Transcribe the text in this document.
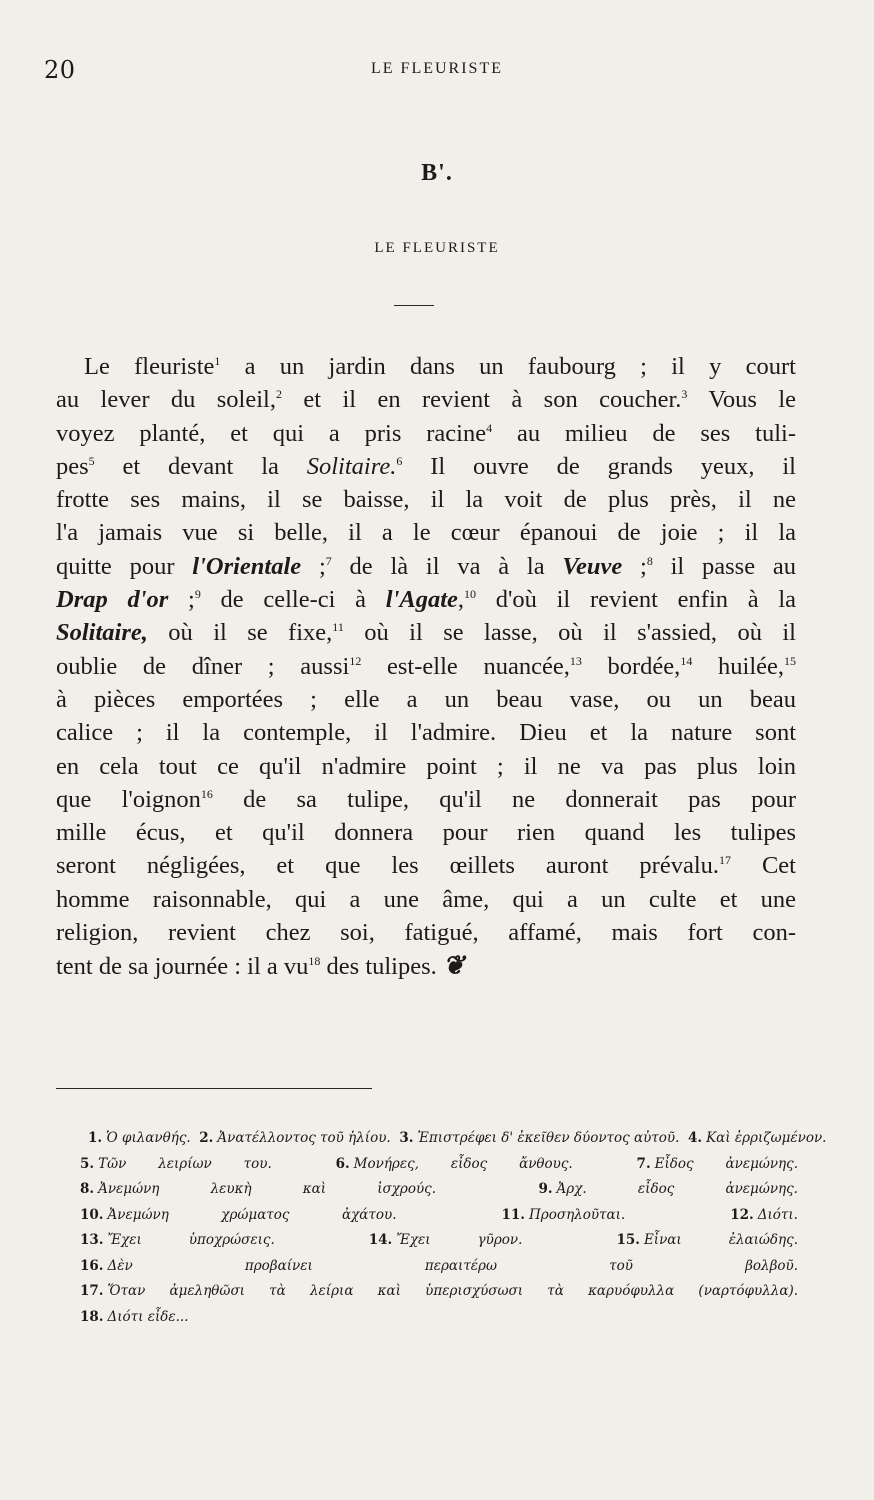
20	LE FLEURISTE
B'.
LE FLEURISTE
Le fleuriste$^1$ a un jardin dans un faubourg ; il y court
au lever du soleil,$^2$ et il en revient à son coucher.$^3$ Vous le
voyez planté, et qui a pris racine$^4$ au milieu de ses tuli-
pes$^5$ et devant la Solitaire.$^6$ Il ouvre de grands yeux, il
frotte ses mains, il se baisse, il la voit de plus près, il ne
l'a jamais vue si belle, il a le cœur épanoui de joie ; il la
quitte pour l'Orientale ;$^7$ de là il va à la Veuve ;$^8$ il passe au
Drap d'or ;$^9$ de celle-ci à l'Agate,$^{10}$ d'où il revient enfin à la
Solitaire, où il se fixe,$^{11}$ où il se lasse, où il s'assied, où il
oublie de dîner ; aussi$^{12}$ est-elle nuancée,$^{13}$ bordée,$^{14}$ huilée,$^{15}$
à pièces emportées ; elle a un beau vase, ou un beau
calice ; il la contemple, il l'admire. Dieu et la nature sont
en cela tout ce qu'il n'admire point ; il ne va pas plus loin
que l'oignon$^{16}$ de sa tulipe, qu'il ne donnerait pas pour
mille écus, et qu'il donnera pour rien quand les tulipes
seront négligées, et que les œillets auront prévalu.$^{17}$ Cet
homme raisonnable, qui a une âme, qui a un culte et une
religion, revient chez soi, fatigué, affamé, mais fort con-
tent de sa journée : il a $vu^{18}$ des tulipes. ❦
1. Ὁ φιλανθής. 2. Ἀνατέλλοντος τοῦ ἡλίου. 3. Ἐπιστρέφει δ' ἐκεῖθεν δύοντος αὐτοῦ. 4. Καὶ ἐρριζωμένον.
5. Τῶν λειρίων του.	6. Μονήρες, εἶδος ἄνθους.	7. Εἶδος ἀνεμώνης.
8. Ἀνεμώνη λευκὴ καὶ ἰσχρούς.	9. Ἀρχ. εἶδος ἀνεμώνης.
10. Ἀνεμώνη χρώματος ἀχάτου.	11. Προσηλοῦται.	12. Διότι.
13. Ἔχει ὑποχρώσεις.	14. Ἔχει γῦρον.	15. Εἶναι ἐλαιώδης.
16. Δὲν προβαίνει περαιτέρω τοῦ βολβοῦ.
17. Ὅταν ἀμεληθῶσι τὰ λείρια καὶ ὑπερισχύσωσι τὰ καρυόφυλλα (ναρτόφυλλα).
18. Διότι εἶδε...
